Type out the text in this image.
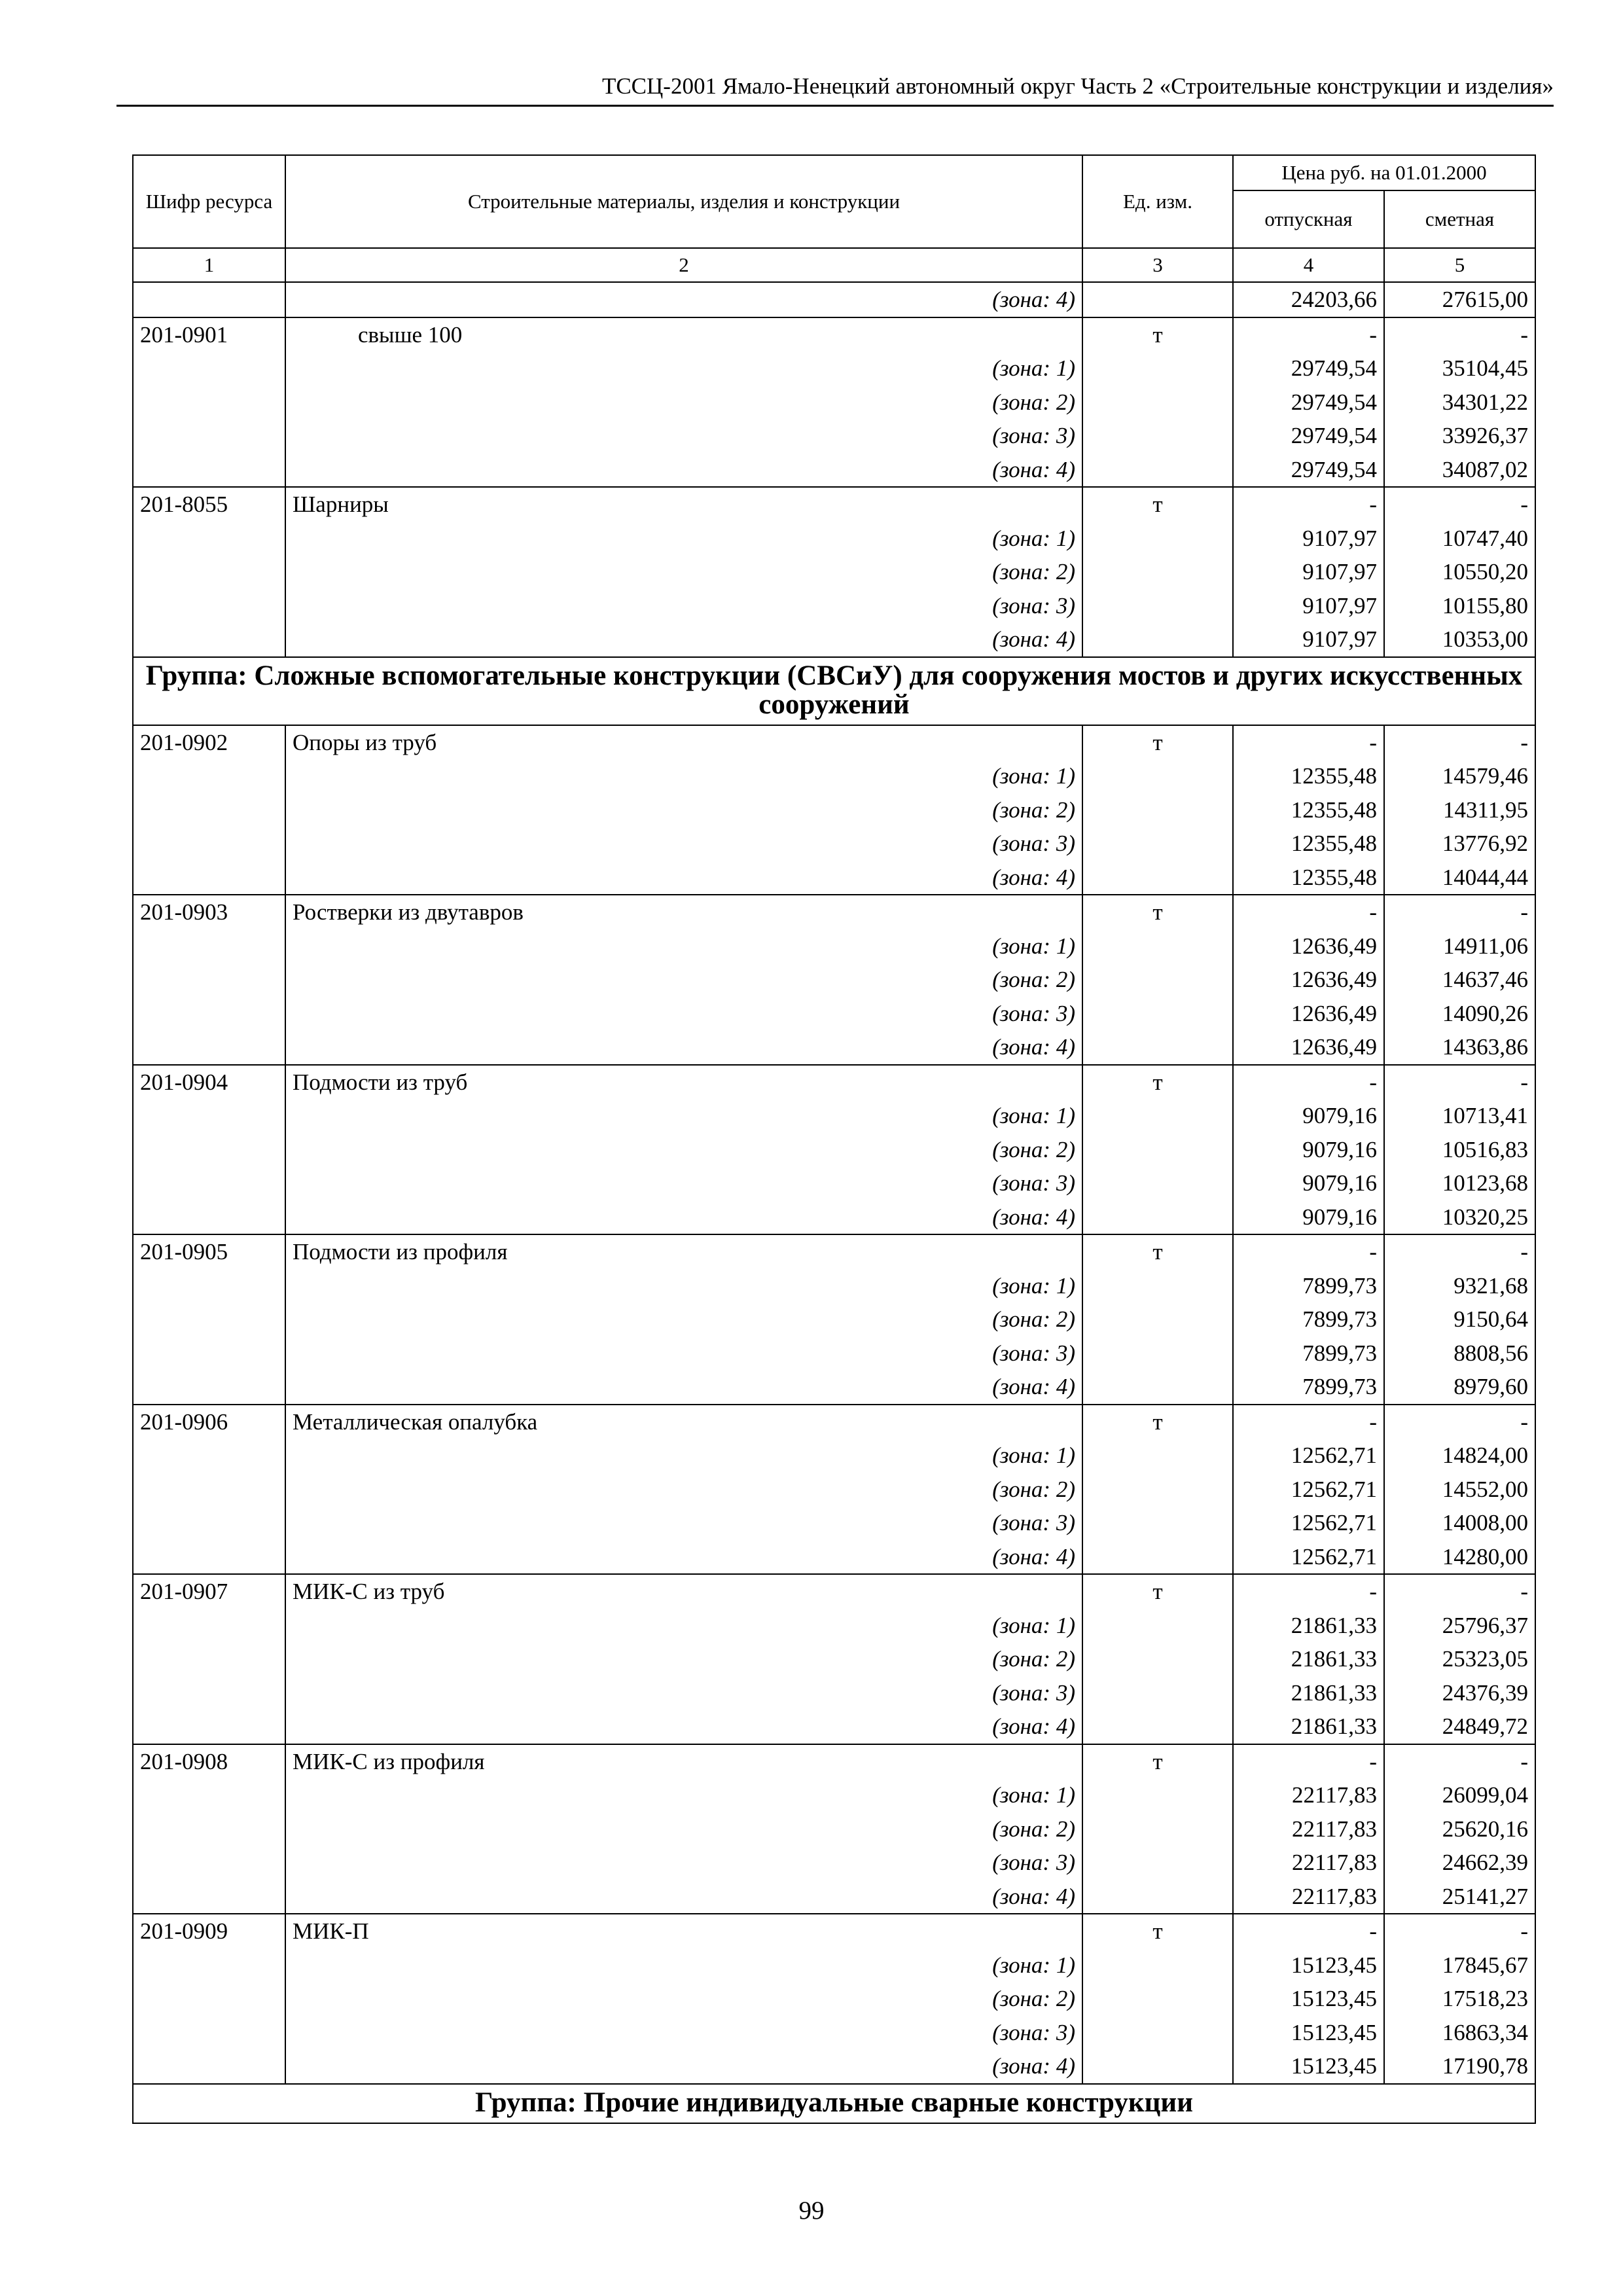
ТССЦ-2001 Ямало-Ненецкий автономный округ Часть 2 «Строительные конструкции и изделия»
Шифр ресурса	Строительные материалы, изделия и конструкции	Ед. изм.	Цена руб. на 01.01.2000	
			отпускная	сметная
1	2	3	4	5
	(зона: 4)		24203,66	27615,00
201-0901	свыше 100	т	-	-
	(зона: 1)		29749,54	35104,45
	(зона: 2)		29749,54	34301,22
	(зона: 3)		29749,54	33926,37
	(зона: 4)		29749,54	34087,02
201-8055	Шарниры	т	-	-
	(зона: 1)		9107,97	10747,40
	(зона: 2)		9107,97	10550,20
	(зона: 3)		9107,97	10155,80
	(зона: 4)		9107,97	10353,00
Группа: Сложные вспомогательные конструкции (СВСиУ) для сооружения мостов и других искусственных сооружений				
201-0902	Опоры из труб	т	-	-
	(зона: 1)		12355,48	14579,46
	(зона: 2)		12355,48	14311,95
	(зона: 3)		12355,48	13776,92
	(зона: 4)		12355,48	14044,44
201-0903	Ростверки из двутавров	т	-	-
	(зона: 1)		12636,49	14911,06
	(зона: 2)		12636,49	14637,46
	(зона: 3)		12636,49	14090,26
	(зона: 4)		12636,49	14363,86
201-0904	Подмости из труб	т	-	-
	(зона: 1)		9079,16	10713,41
	(зона: 2)		9079,16	10516,83
	(зона: 3)		9079,16	10123,68
	(зона: 4)		9079,16	10320,25
201-0905	Подмости из профиля	т	-	-
	(зона: 1)		7899,73	9321,68
	(зона: 2)		7899,73	9150,64
	(зона: 3)		7899,73	8808,56
	(зона: 4)		7899,73	8979,60
201-0906	Металлическая опалубка	т	-	-
	(зона: 1)		12562,71	14824,00
	(зона: 2)		12562,71	14552,00
	(зона: 3)		12562,71	14008,00
	(зона: 4)		12562,71	14280,00
201-0907	МИК-С из труб	т	-	-
	(зона: 1)		21861,33	25796,37
	(зона: 2)		21861,33	25323,05
	(зона: 3)		21861,33	24376,39
	(зона: 4)		21861,33	24849,72
201-0908	МИК-С из профиля	т	-	-
	(зона: 1)		22117,83	26099,04
	(зона: 2)		22117,83	25620,16
	(зона: 3)		22117,83	24662,39
	(зона: 4)		22117,83	25141,27
201-0909	МИК-П	т	-	-
	(зона: 1)		15123,45	17845,67
	(зона: 2)		15123,45	17518,23
	(зона: 3)		15123,45	16863,34
	(зона: 4)		15123,45	17190,78
Группа: Прочие индивидуальные сварные конструкции				
99
